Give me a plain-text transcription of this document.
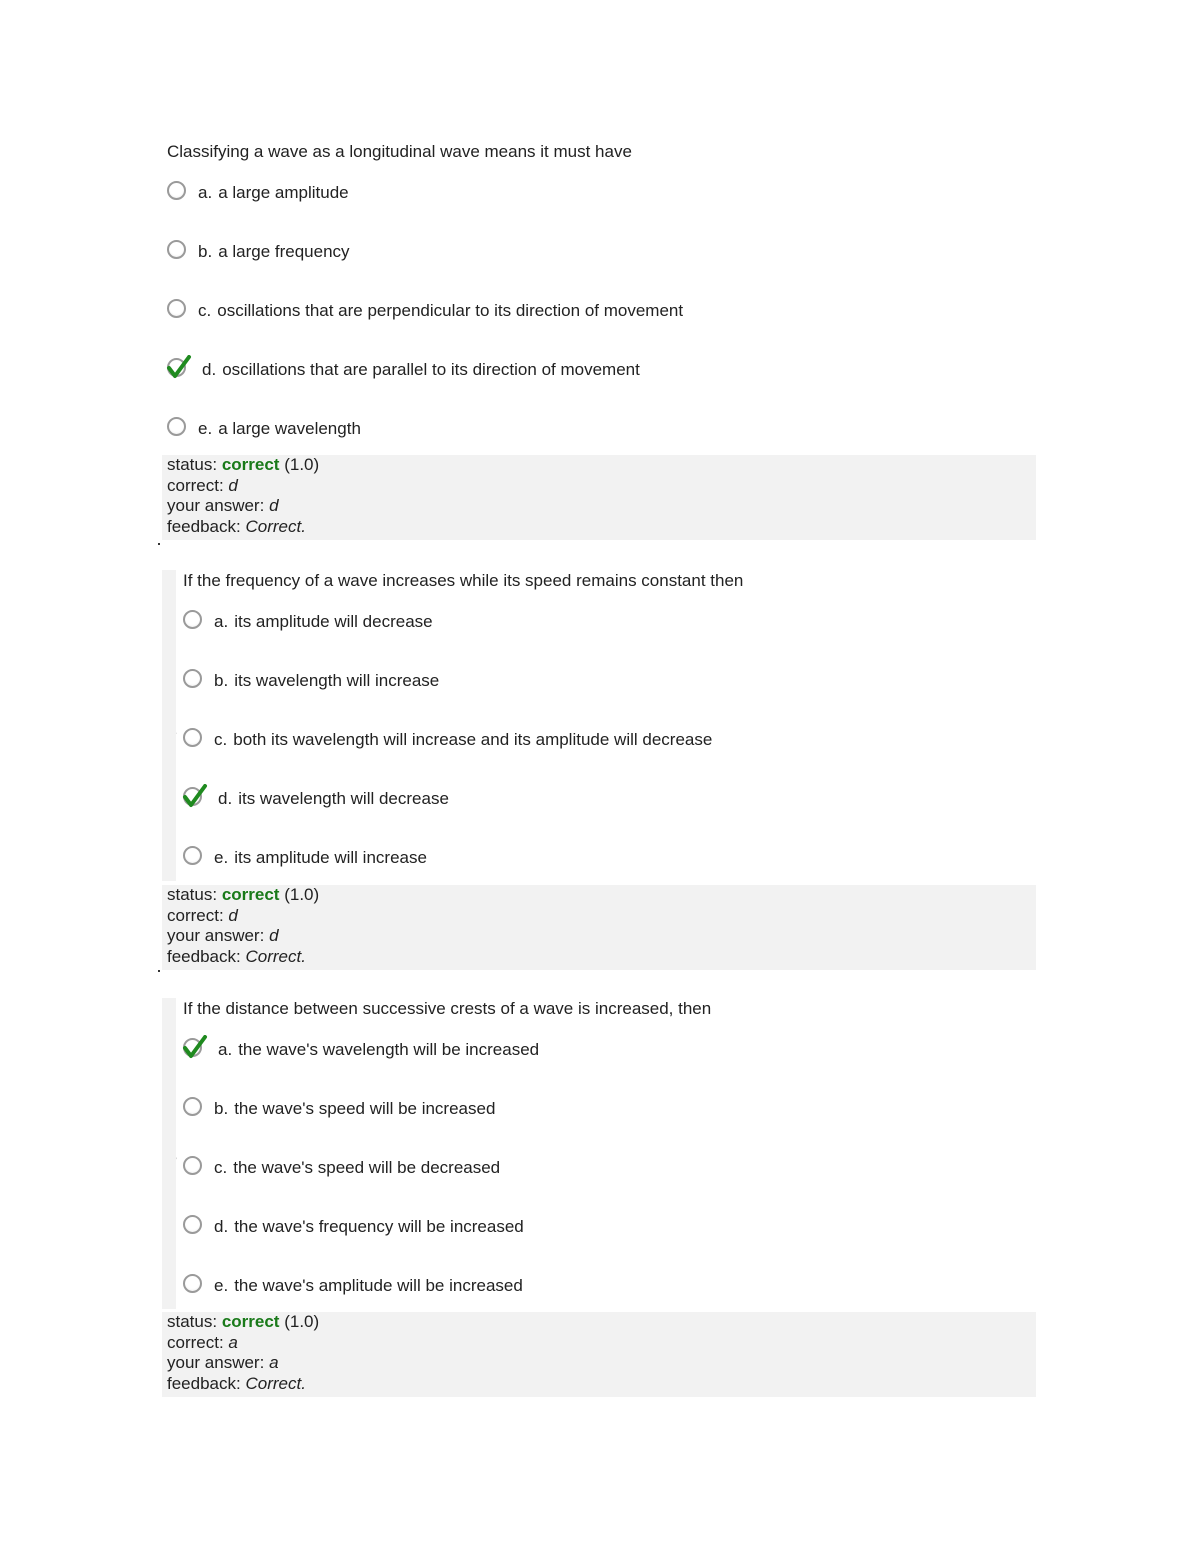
Classifying a wave as a longitudinal wave means it must have

a. a large amplitude
b. a large frequency
c. oscillations that are perpendicular to its direction of movement
d. oscillations that are parallel to its direction of movement
e. a large wavelength
status: correct (1.0)
correct: d
your answer: d
feedback: Correct.
2

If the frequency of a wave increases while its speed remains constant then

a. its amplitude will decrease
b. its wavelength will increase
c. both its wavelength will increase and its amplitude will decrease
d. its wavelength will decrease
e. its amplitude will increase
status: correct (1.0)
correct: d
your answer: d
feedback: Correct.
3

If the distance between successive crests of a wave is increased, then

a. the wave's wavelength will be increased
b. the wave's speed will be increased
c. the wave's speed will be decreased
d. the wave's frequency will be increased
e. the wave's amplitude will be increased
status: correct (1.0)
correct: a
your answer: a
feedback: Correct.
